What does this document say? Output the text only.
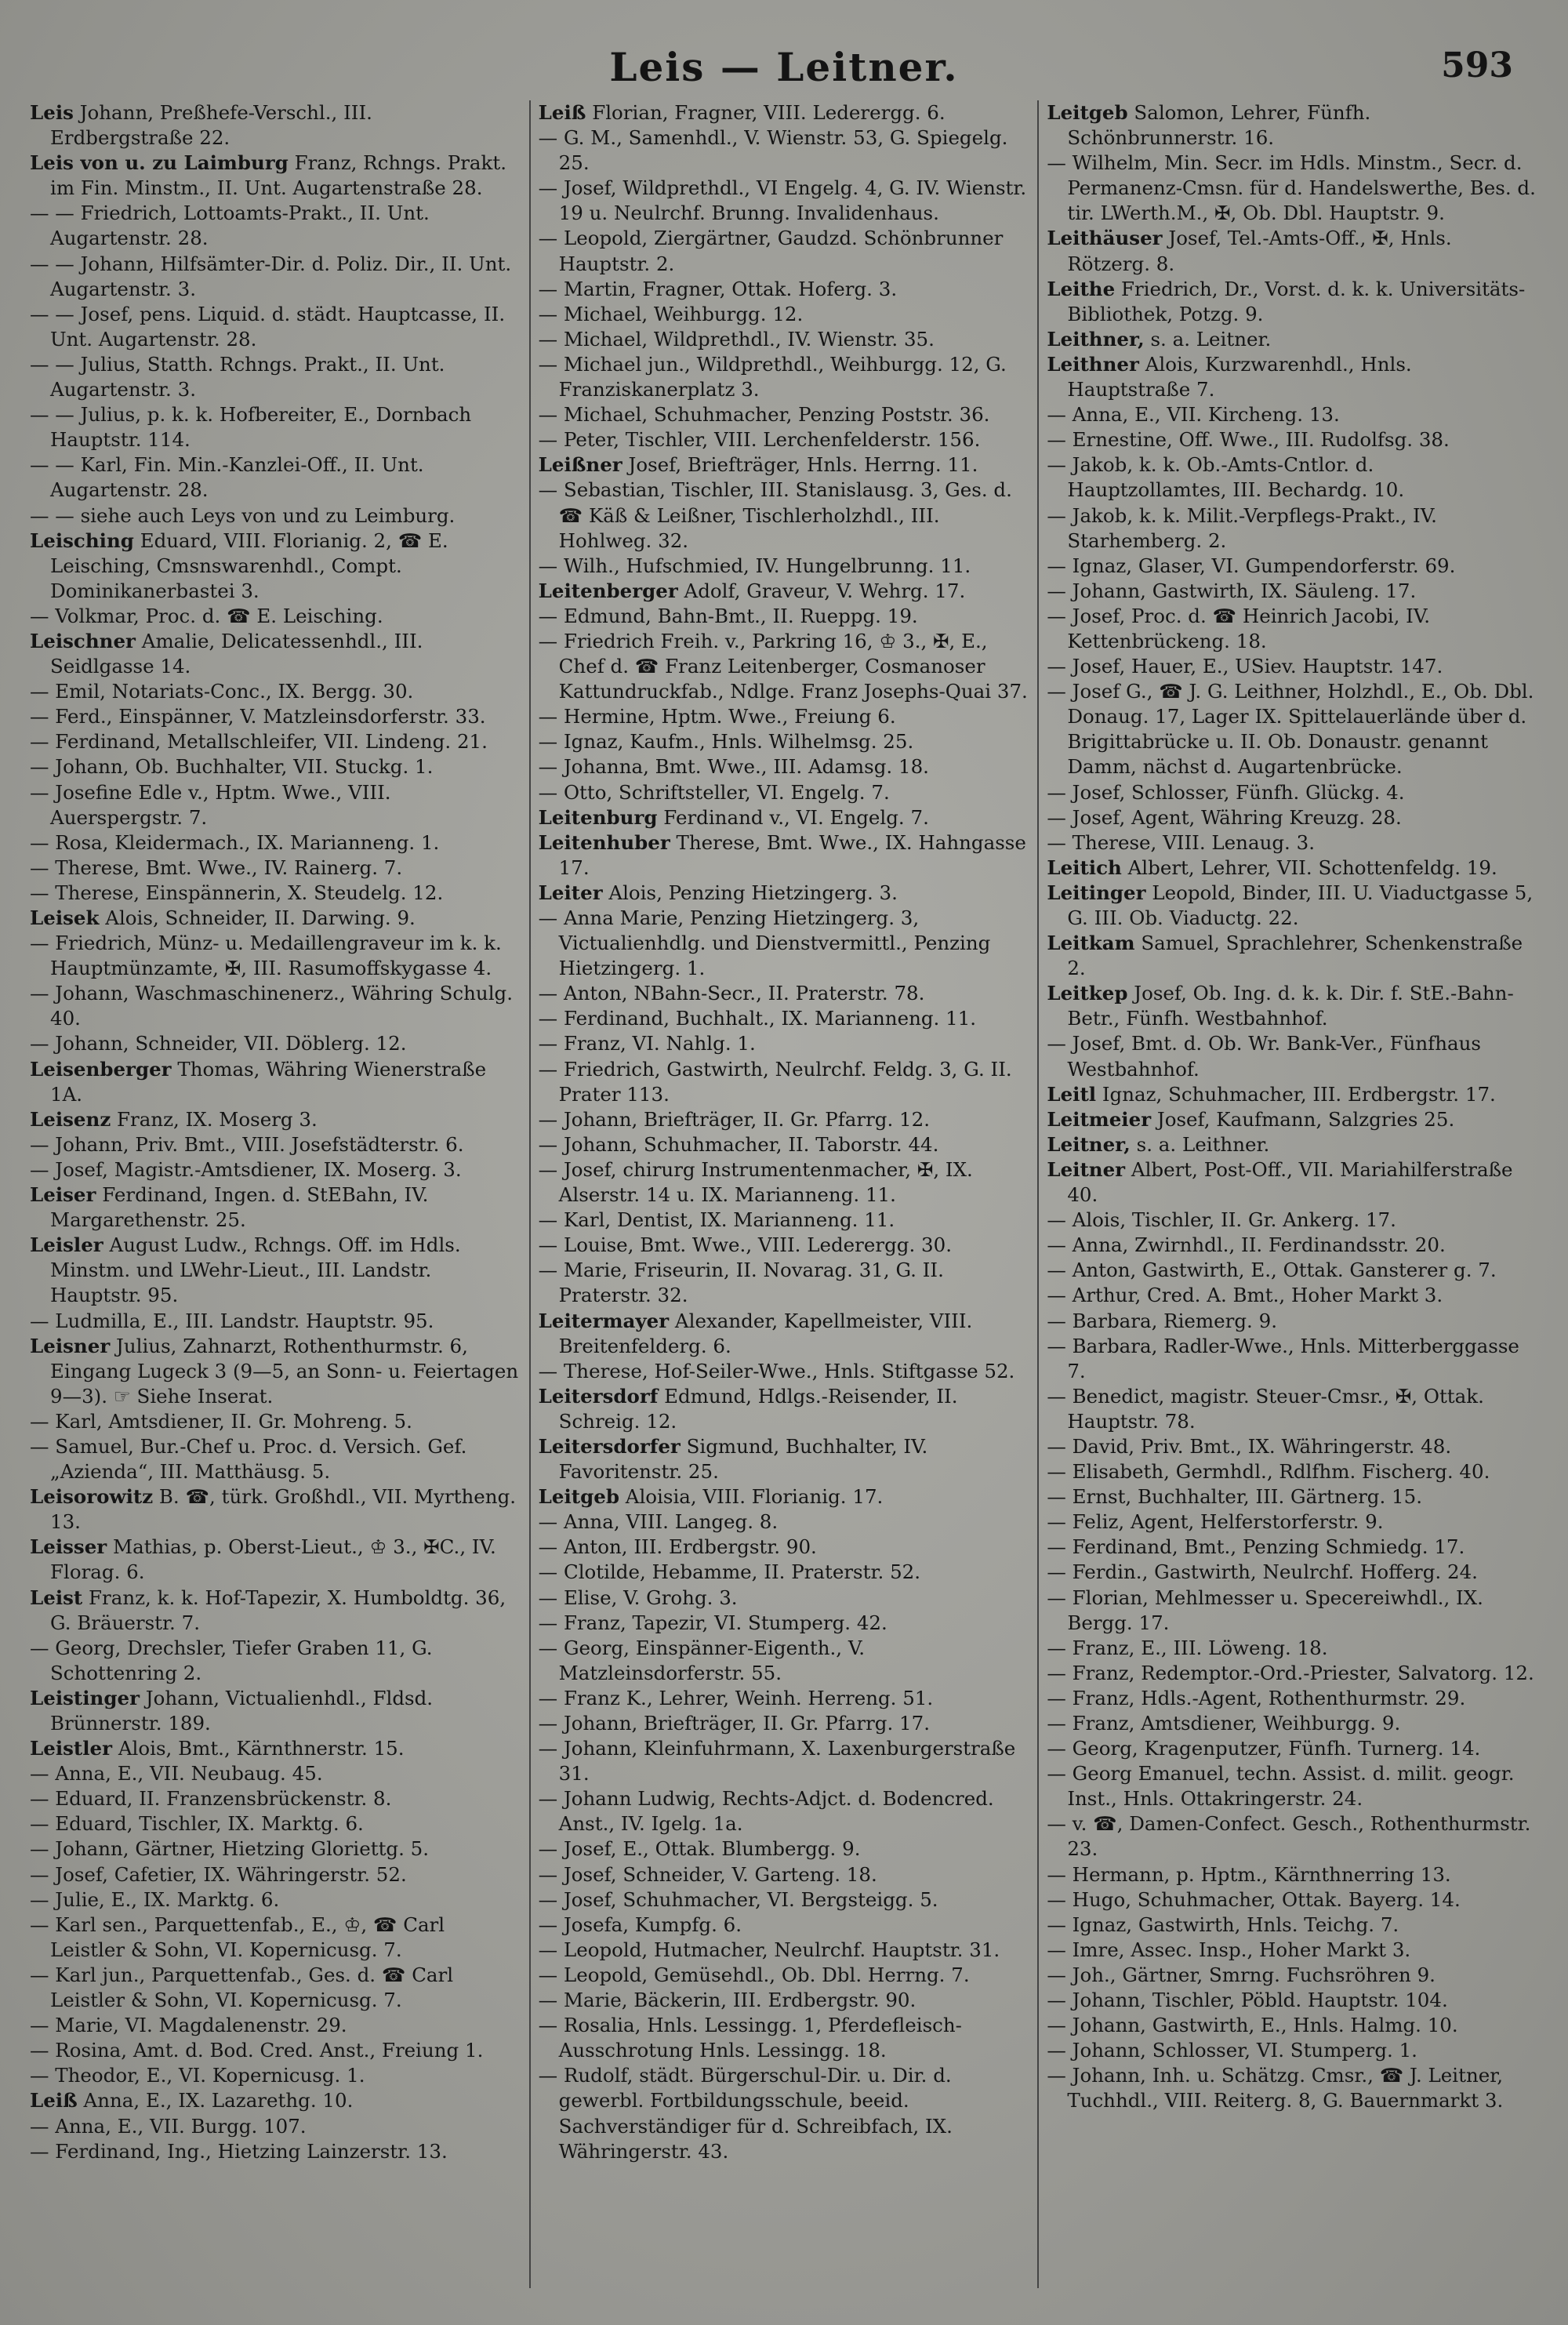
Leis — Leitner.	593

Leis Johann, Preßhefe-Verschl., III. Erdbergstraße 22.

Leis von u. zu Laimburg Franz, Rchngs. Prakt. im Fin. Minstm., II. Unt. Augartenstraße 28.

— — Friedrich, Lottoamts-Prakt., II. Unt. Augartenstr. 28.

— — Johann, Hilfsämter-Dir. d. Poliz. Dir., II. Unt. Augartenstr. 3.

— — Josef, pens. Liquid. d. städt. Hauptcasse, II. Unt. Augartenstr. 28.

— — Julius, Statth. Rchngs. Prakt., II. Unt. Augartenstr. 3.

— — Julius, p. k. k. Hofbereiter, E., Dornbach Hauptstr. 114.

— — Karl, Fin. Min.-Kanzlei-Off., II. Unt. Augartenstr. 28.

— — siehe auch Leys von und zu Leimburg.

Leisching Eduard, VIII. Florianig. 2, ☎ E. Leisching, Cmsnswarenhdl., Compt. Dominikanerbastei 3.

— Volkmar, Proc. d. ☎ E. Leisching.

Leischner Amalie, Delicatessenhdl., III. Seidlgasse 14.

— Emil, Notariats-Conc., IX. Bergg. 30.

— Ferd., Einspänner, V. Matzleinsdorferstr. 33.

— Ferdinand, Metallschleifer, VII. Lindeng. 21.

— Johann, Ob. Buchhalter, VII. Stuckg. 1.

— Josefine Edle v., Hptm. Wwe., VIII. Auerspergstr. 7.

— Rosa, Kleidermach., IX. Marianneng. 1.

— Therese, Bmt. Wwe., IV. Rainerg. 7.

— Therese, Einspännerin, X. Steudelg. 12.

Leisek Alois, Schneider, II. Darwing. 9.

— Friedrich, Münz- u. Medaillengraveur im k. k. Hauptmünzamte, ✠, III. Rasumoffskygasse 4.

— Johann, Waschmaschinenerz., Währing Schulg. 40.

— Johann, Schneider, VII. Döblerg. 12.

Leisenberger Thomas, Währing Wienerstraße 1A.

Leisenz Franz, IX. Moserg 3.

— Johann, Priv. Bmt., VIII. Josefstädterstr. 6.

— Josef, Magistr.-Amtsdiener, IX. Moserg. 3.

Leiser Ferdinand, Ingen. d. StEBahn, IV. Margarethenstr. 25.

Leisler August Ludw., Rchngs. Off. im Hdls. Minstm. und LWehr-Lieut., III. Landstr. Hauptstr. 95.

— Ludmilla, E., III. Landstr. Hauptstr. 95.

Leisner Julius, Zahnarzt, Rothenthurmstr. 6, Eingang Lugeck 3 (9—5, an Sonn- u. Feiertagen 9—3). ☞ Siehe Inserat.

— Karl, Amtsdiener, II. Gr. Mohreng. 5.

— Samuel, Bur.-Chef u. Proc. d. Versich. Gef. „Azienda“, III. Matthäusg. 5.

Leisorowitz B. ☎, türk. Großhdl., VII. Myrtheng. 13.

Leisser Mathias, p. Oberst-Lieut., ♔ 3., ✠C., IV. Florag. 6.

Leist Franz, k. k. Hof-Tapezir, X. Humboldtg. 36, G. Bräuerstr. 7.

— Georg, Drechsler, Tiefer Graben 11, G. Schottenring 2.

Leistinger Johann, Victualienhdl., Fldsd. Brünnerstr. 189.

Leistler Alois, Bmt., Kärnthnerstr. 15.

— Anna, E., VII. Neubaug. 45.

— Eduard, II. Franzensbrückenstr. 8.

— Eduard, Tischler, IX. Marktg. 6.

— Johann, Gärtner, Hietzing Gloriettg. 5.

— Josef, Cafetier, IX. Währingerstr. 52.

— Julie, E., IX. Marktg. 6.

— Karl sen., Parquettenfab., E., ♔, ☎ Carl Leistler & Sohn, VI. Kopernicusg. 7.

— Karl jun., Parquettenfab., Ges. d. ☎ Carl Leistler & Sohn, VI. Kopernicusg. 7.

— Marie, VI. Magdalenenstr. 29.

— Rosina, Amt. d. Bod. Cred. Anst., Freiung 1.

— Theodor, E., VI. Kopernicusg. 1.

Leiß Anna, E., IX. Lazarethg. 10.

— Anna, E., VII. Burgg. 107.

— Ferdinand, Ing., Hietzing Lainzerstr. 13.

Leiß Florian, Fragner, VIII. Lederergg. 6.

— G. M., Samenhdl., V. Wienstr. 53, G. Spiegelg. 25.

— Josef, Wildprethdl., VI Engelg. 4, G. IV. Wienstr. 19 u. Neulrchf. Brunng. Invalidenhaus.

— Leopold, Ziergärtner, Gaudzd. Schönbrunner Hauptstr. 2.

— Martin, Fragner, Ottak. Hoferg. 3.

— Michael, Weihburgg. 12.

— Michael, Wildprethdl., IV. Wienstr. 35.

— Michael jun., Wildprethdl., Weihburgg. 12, G. Franziskanerplatz 3.

— Michael, Schuhmacher, Penzing Poststr. 36.

— Peter, Tischler, VIII. Lerchenfelderstr. 156.

Leißner Josef, Briefträger, Hnls. Herrng. 11.

— Sebastian, Tischler, III. Stanislausg. 3, Ges. d. ☎ Käß & Leißner, Tischlerholzhdl., III. Hohlweg. 32.

— Wilh., Hufschmied, IV. Hungelbrunng. 11.

Leitenberger Adolf, Graveur, V. Wehrg. 17.

— Edmund, Bahn-Bmt., II. Rueppg. 19.

— Friedrich Freih. v., Parkring 16, ♔ 3., ✠, E., Chef d. ☎ Franz Leitenberger, Cosmanoser Kattundruckfab., Ndlge. Franz Josephs-Quai 37.

— Hermine, Hptm. Wwe., Freiung 6.

— Ignaz, Kaufm., Hnls. Wilhelmsg. 25.

— Johanna, Bmt. Wwe., III. Adamsg. 18.

— Otto, Schriftsteller, VI. Engelg. 7.

Leitenburg Ferdinand v., VI. Engelg. 7.

Leitenhuber Therese, Bmt. Wwe., IX. Hahngasse 17.

Leiter Alois, Penzing Hietzingerg. 3.

— Anna Marie, Penzing Hietzingerg. 3, Victualienhdlg. und Dienstvermittl., Penzing Hietzingerg. 1.

— Anton, NBahn-Secr., II. Praterstr. 78.

— Ferdinand, Buchhalt., IX. Marianneng. 11.

— Franz, VI. Nahlg. 1.

— Friedrich, Gastwirth, Neulrchf. Feldg. 3, G. II. Prater 113.

— Johann, Briefträger, II. Gr. Pfarrg. 12.

— Johann, Schuhmacher, II. Taborstr. 44.

— Josef, chirurg Instrumentenmacher, ✠, IX. Alserstr. 14 u. IX. Marianneng. 11.

— Karl, Dentist, IX. Marianneng. 11.

— Louise, Bmt. Wwe., VIII. Lederergg. 30.

— Marie, Friseurin, II. Novarag. 31, G. II. Praterstr. 32.

Leitermayer Alexander, Kapellmeister, VIII. Breitenfelderg. 6.

— Therese, Hof-Seiler-Wwe., Hnls. Stiftgasse 52.

Leitersdorf Edmund, Hdlgs.-Reisender, II. Schreig. 12.

Leitersdorfer Sigmund, Buchhalter, IV. Favoritenstr. 25.

Leitgeb Aloisia, VIII. Florianig. 17.

— Anna, VIII. Langeg. 8.

— Anton, III. Erdbergstr. 90.

— Clotilde, Hebamme, II. Praterstr. 52.

— Elise, V. Grohg. 3.

— Franz, Tapezir, VI. Stumperg. 42.

— Georg, Einspänner-Eigenth., V. Matzleinsdorferstr. 55.

— Franz K., Lehrer, Weinh. Herreng. 51.

— Johann, Briefträger, II. Gr. Pfarrg. 17.

— Johann, Kleinfuhrmann, X. Laxenburgerstraße 31.

— Johann Ludwig, Rechts-Adjct. d. Bodencred. Anst., IV. Igelg. 1a.

— Josef, E., Ottak. Blumbergg. 9.

— Josef, Schneider, V. Garteng. 18.

— Josef, Schuhmacher, VI. Bergsteigg. 5.

— Josefa, Kumpfg. 6.

— Leopold, Hutmacher, Neulrchf. Hauptstr. 31.

— Leopold, Gemüsehdl., Ob. Dbl. Herrng. 7.

— Marie, Bäckerin, III. Erdbergstr. 90.

— Rosalia, Hnls. Lessingg. 1, Pferdefleisch-Ausschrotung Hnls. Lessingg. 18.

— Rudolf, städt. Bürgerschul-Dir. u. Dir. d. gewerbl. Fortbildungsschule, beeid. Sachverständiger für d. Schreibfach, IX. Währingerstr. 43.

Leitgeb Salomon, Lehrer, Fünfh. Schönbrunnerstr. 16.

— Wilhelm, Min. Secr. im Hdls. Minstm., Secr. d. Permanenz-Cmsn. für d. Handelswerthe, Bes. d. tir. LWerth.M., ✠, Ob. Dbl. Hauptstr. 9.

Leithäuser Josef, Tel.-Amts-Off., ✠, Hnls. Rötzerg. 8.

Leithe Friedrich, Dr., Vorst. d. k. k. Universitäts-Bibliothek, Potzg. 9.

Leithner, s. a. Leitner.

Leithner Alois, Kurzwarenhdl., Hnls. Hauptstraße 7.

— Anna, E., VII. Kircheng. 13.

— Ernestine, Off. Wwe., III. Rudolfsg. 38.

— Jakob, k. k. Ob.-Amts-Cntlor. d. Hauptzollamtes, III. Bechardg. 10.

— Jakob, k. k. Milit.-Verpflegs-Prakt., IV. Starhemberg. 2.

— Ignaz, Glaser, VI. Gumpendorferstr. 69.

— Johann, Gastwirth, IX. Säuleng. 17.

— Josef, Proc. d. ☎ Heinrich Jacobi, IV. Kettenbrückeng. 18.

— Josef, Hauer, E., USiev. Hauptstr. 147.

— Josef G., ☎ J. G. Leithner, Holzhdl., E., Ob. Dbl. Donaug. 17, Lager IX. Spittelauerlände über d. Brigittabrücke u. II. Ob. Donaustr. genannt Damm, nächst d. Augartenbrücke.

— Josef, Schlosser, Fünfh. Glückg. 4.

— Josef, Agent, Währing Kreuzg. 28.

— Therese, VIII. Lenaug. 3.

Leitich Albert, Lehrer, VII. Schottenfeldg. 19.

Leitinger Leopold, Binder, III. U. Viaductgasse 5, G. III. Ob. Viaductg. 22.

Leitkam Samuel, Sprachlehrer, Schenkenstraße 2.

Leitkep Josef, Ob. Ing. d. k. k. Dir. f. StE.-Bahn-Betr., Fünfh. Westbahnhof.

— Josef, Bmt. d. Ob. Wr. Bank-Ver., Fünfhaus Westbahnhof.

Leitl Ignaz, Schuhmacher, III. Erdbergstr. 17.

Leitmeier Josef, Kaufmann, Salzgries 25.

Leitner, s. a. Leithner.

Leitner Albert, Post-Off., VII. Mariahilferstraße 40.

— Alois, Tischler, II. Gr. Ankerg. 17.

— Anna, Zwirnhdl., II. Ferdinandsstr. 20.

— Anton, Gastwirth, E., Ottak. Gansterer g. 7.

— Arthur, Cred. A. Bmt., Hoher Markt 3.

— Barbara, Riemerg. 9.

— Barbara, Radler-Wwe., Hnls. Mitterberggasse 7.

— Benedict, magistr. Steuer-Cmsr., ✠, Ottak. Hauptstr. 78.

— David, Priv. Bmt., IX. Währingerstr. 48.

— Elisabeth, Germhdl., Rdlfhm. Fischerg. 40.

— Ernst, Buchhalter, III. Gärtnerg. 15.

— Feliz, Agent, Helferstorferstr. 9.

— Ferdinand, Bmt., Penzing Schmiedg. 17.

— Ferdin., Gastwirth, Neulrchf. Hofferg. 24.

— Florian, Mehlmesser u. Specereiwhdl., IX. Bergg. 17.

— Franz, E., III. Löweng. 18.

— Franz, Redemptor.-Ord.-Priester, Salvatorg. 12.

— Franz, Hdls.-Agent, Rothenthurmstr. 29.

— Franz, Amtsdiener, Weihburgg. 9.

— Georg, Kragenputzer, Fünfh. Turnerg. 14.

— Georg Emanuel, techn. Assist. d. milit. geogr. Inst., Hnls. Ottakringerstr. 24.

— v. ☎, Damen-Confect. Gesch., Rothenthurmstr. 23.

— Hermann, p. Hptm., Kärnthnerring 13.

— Hugo, Schuhmacher, Ottak. Bayerg. 14.

— Ignaz, Gastwirth, Hnls. Teichg. 7.

— Imre, Assec. Insp., Hoher Markt 3.

— Joh., Gärtner, Smrng. Fuchsröhren 9.

— Johann, Tischler, Pöbld. Hauptstr. 104.

— Johann, Gastwirth, E., Hnls. Halmg. 10.

— Johann, Schlosser, VI. Stumperg. 1.

— Johann, Inh. u. Schätzg. Cmsr., ☎ J. Leitner, Tuchhdl., VIII. Reiterg. 8, G. Bauernmarkt 3.
